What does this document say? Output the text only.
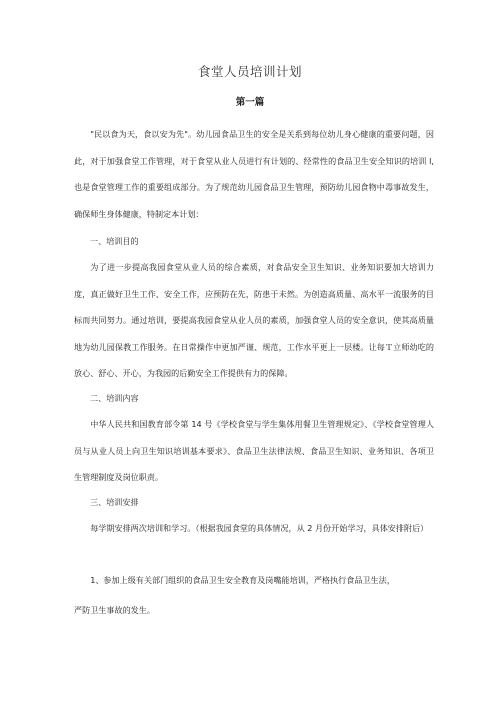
食堂人员培训计划
第一篇

"民以食为天，食以安为先"。幼儿园食品卫生的安全是关系到每位幼儿身心健康的重要问题，因此，对于加强食堂工作管理，对于食堂从业人员进行有计划的、经常性的食品卫生安全知识的培训 l,也是食堂管理工作的重要组成部分。为了规范幼儿园食品卫生管理，预防幼儿园食物中毒事故发生，确保师生身体健康，特制定本计划：

一、培训目的

为了进一步提高我园食堂从业人员的综合素质，对食品安全卫生知识、业务知识要加大培训力度，真正做好卫生工作、安全工作，应预防在先，防患于未然。为创造高质量、高水平一流服务的目标而共同努力。通过培训，要提高我园食堂从业人员的素质，加强食堂人员的安全意识，使其高质量地为幼儿园保教工作服务。在日常操作中更加严谨、规范，工作水平更上一层楼。让每Ｔ立师幼吃的放心、舒心、开心，为我园的后勤安全工作提供有力的保障。

二、培训内容

中华人民共和国教育部令第 14 号《学校食堂与学生集体用餐卫生管理规定》、《学校食堂管理人员与从业人员上向卫生知识培训基本要求》、食品卫生法律法规、食品卫生知识、业务知识、各项卫生管理制度及岗位职责。

三、培训安排

每学期安排两次培训和学习。（根据我园食堂的具体情况，从 2 月份开始学习，具体安排附后）

1、参加上级有关部门组织的食品卫生安全教育及岗嘴能培训，严格执行食品卫生法，

严防卫生事故的发生。
